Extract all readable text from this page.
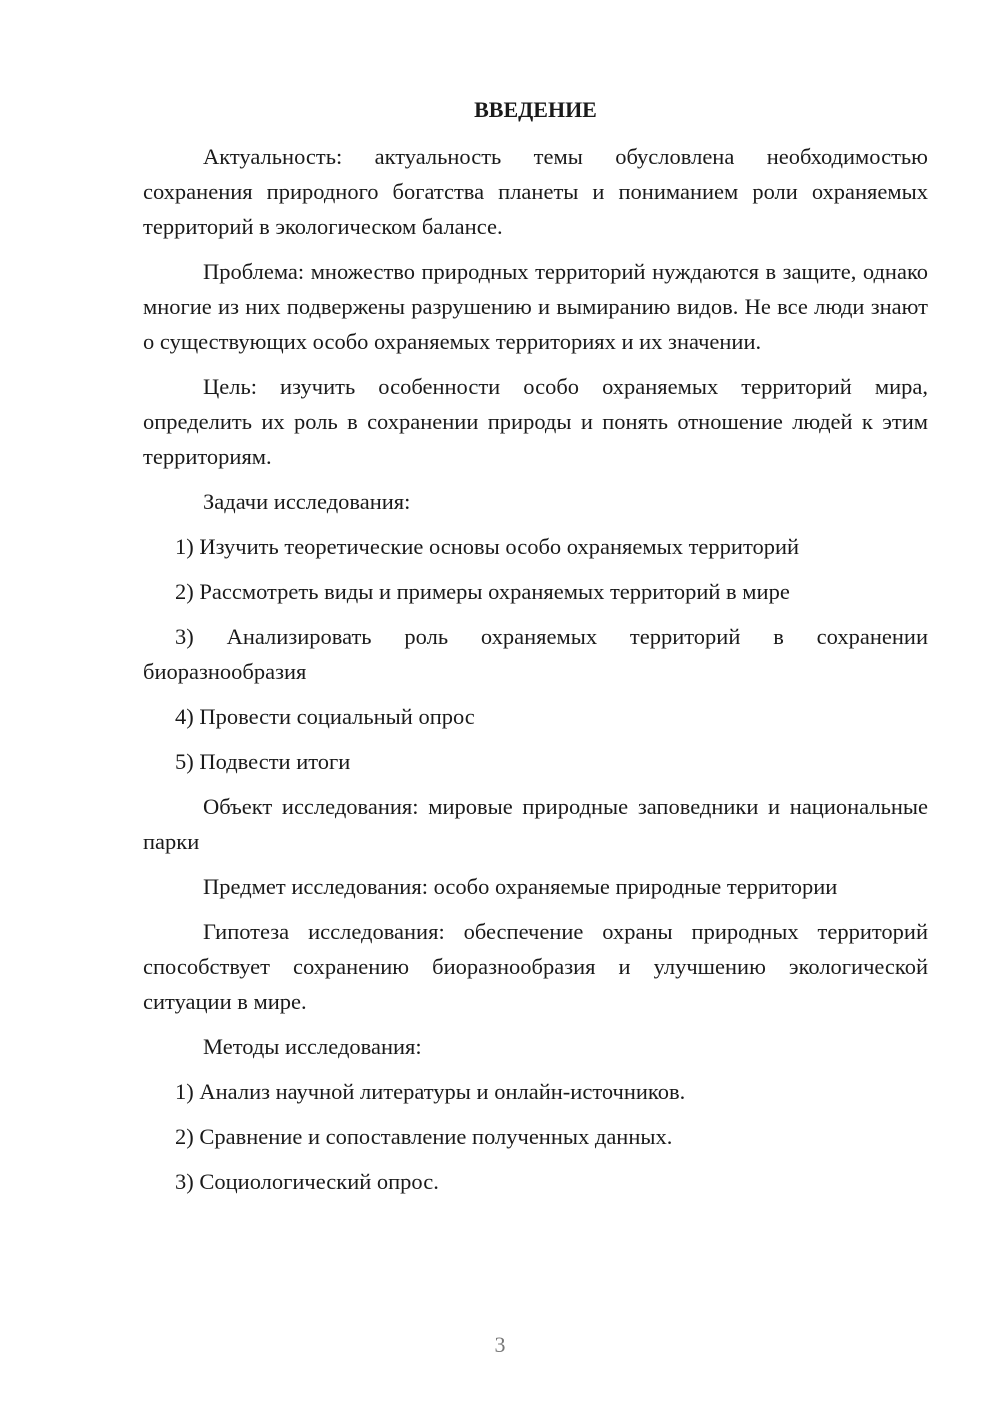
ВВЕДЕНИЕ

Актуальность: актуальность темы обусловлена необходимостью сохранения природного богатства планеты и пониманием роли охраняемых территорий в экологическом балансе.

Проблема: множество природных территорий нуждаются в защите, однако многие из них подвержены разрушению и вымиранию видов. Не все люди знают о существующих особо охраняемых территориях и их значении.

Цель: изучить особенности особо охраняемых территорий мира, определить их роль в сохранении природы и понять отношение людей к этим территориям.

Задачи исследования:

1) Изучить теоретические основы особо охраняемых территорий

2) Рассмотреть виды и примеры охраняемых территорий в мире

3) Анализировать роль охраняемых территорий в сохранении биоразнообразия

4) Провести социальный опрос

5) Подвести итоги

Объект исследования: мировые природные заповедники и национальные парки

Предмет исследования: особо охраняемые природные территории

Гипотеза исследования: обеспечение охраны природных территорий способствует сохранению биоразнообразия и улучшению экологической ситуации в мире.

Методы исследования:

1) Анализ научной литературы и онлайн-источников.

2) Сравнение и сопоставление полученных данных.

3) Социологический опрос.

3
